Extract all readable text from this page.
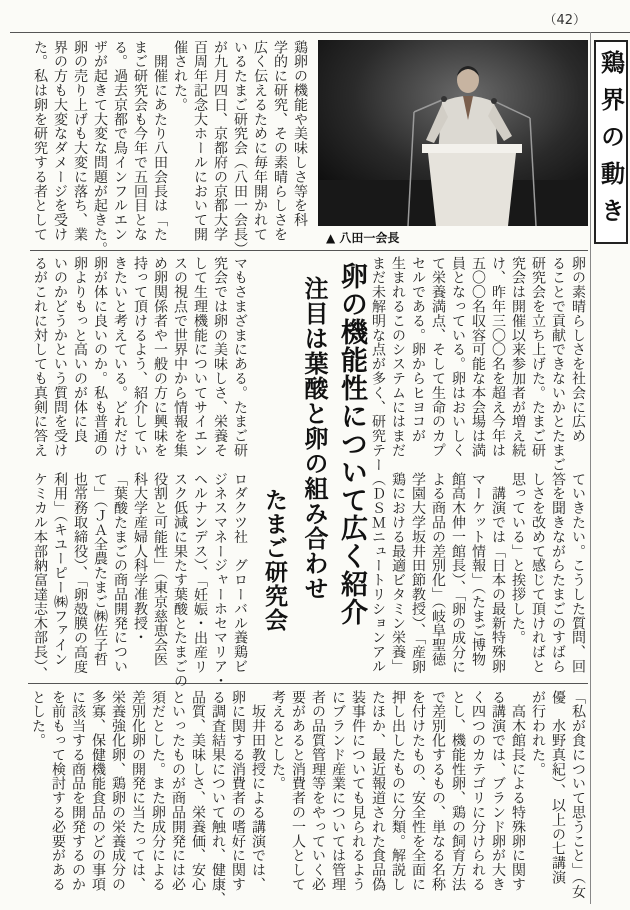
（42）
鶏界の動き
▲ 八田一会長
鶏卵の機能や美味しさ等を科
学的に研究、その素晴らしさを
広く伝えるために毎年開かれて
いるたまご研究会（八田一会長）
が九月四日、京都府の京都大学
百周年記念大ホールにおいて開
催された。
　開催にあたり八田会長は「た
まご研究会も今年で五回目とな
る。過去京都で鳥インフルエン
ザが起きて大変な問題が起きた。
卵の売り上げも大変に落ち、業
界の方も大変なダメージを受け
た。私は卵を研究する者として
卵の素晴らしさを社会に広め
ることで貢献できないかとたまご
研究会を立ち上げた。たまご研
究会は開催以来参加者が増え続
け、昨年三〇〇名を超え今年は
五〇〇名収容可能な本会場は満
員となっている。卵はおいしく
て栄養満点、そして生命のカプ
セルである。卵からヒヨコが
生まれるこのシステムにはまだ
まだ未解明な点が多く、研究テー
マもさまざまにある。たまご研
究会では卵の美味しさ、栄養そ
して生理機能についてサイエン
スの視点で世界中から情報を集
め卵関係者や一般の方に興味を
持って頂けるよう、紹介してい
きたいと考えている。どれだけ
卵が体に良いのか。私も普通の
卵よりもっと高いのが体に良
いのかどうかという質問を受け
るがこれに対しても真剣に答え
ていきたい。こうした質問、回
答を聞きながらたまごのすばら
しさを改めて感じて頂ければと
思っている」と挨拶した。
　講演では「日本の最新特殊卵
マーケット情報」（たまご博物
館高木伸一館長）、「卵の成分に
よる商品の差別化」（岐阜聖徳
学園大学坂井田節教授）、「産卵
鶏における最適ビタミン栄養」
（ＤＳＭニュートリションアル
ロダクツ社　グローバル養鶏ビ
ジネスマネージャーホセマリア・
ヘルナンデス）、「妊娠・出産リ
スク低減に果たす葉酸とたまごの
役割と可能性」（東京慈恵会医
科大学産婦人科学准教授・
「葉酸たまごの商品開発につい
て」（ＪＡ全農たまご㈱佐子哲
也常務取締役）、「卵殻膜の高度
利用」（キユーピー㈱ファイン
ケミカル本部納富達志木部長）、
「私が食について思うこと」（女
優　水野真紀）、以上の七講演
が行われた。
　高木館長による特殊卵に関す
る講演では、ブランド卵が大き
く四つのカテゴリに分けられる
とし、機能性卵、鶏の飼育方法
で差別化するもの、単なる名称
を付けたもの、安全性を全面に
押し出したものに分類。解説し
たほか、最近報道された食品偽
装事件についても見られるよう
にブランド産業については管理
者の品質管理等をやっていく必
要があると消費者の一人として
考えるとした。
　坂井田教授による講演では、
卵に関する消費者の嗜好に関す
る調査結果について触れ、健康、
品質、美味しさ、栄養価、安心
といったものが商品開発には必
須だとした。また卵成分による
差別化卵の開発に当たっては、
栄養強化卵、鶏卵の栄養成分の
多寡、保健機能食品のどの事項
に該当する商品を開発するのか
を前もって検討する必要がある
とした。
卵の機能性について広く紹介
注目は葉酸と卵の組み合わせ
たまご研究会
